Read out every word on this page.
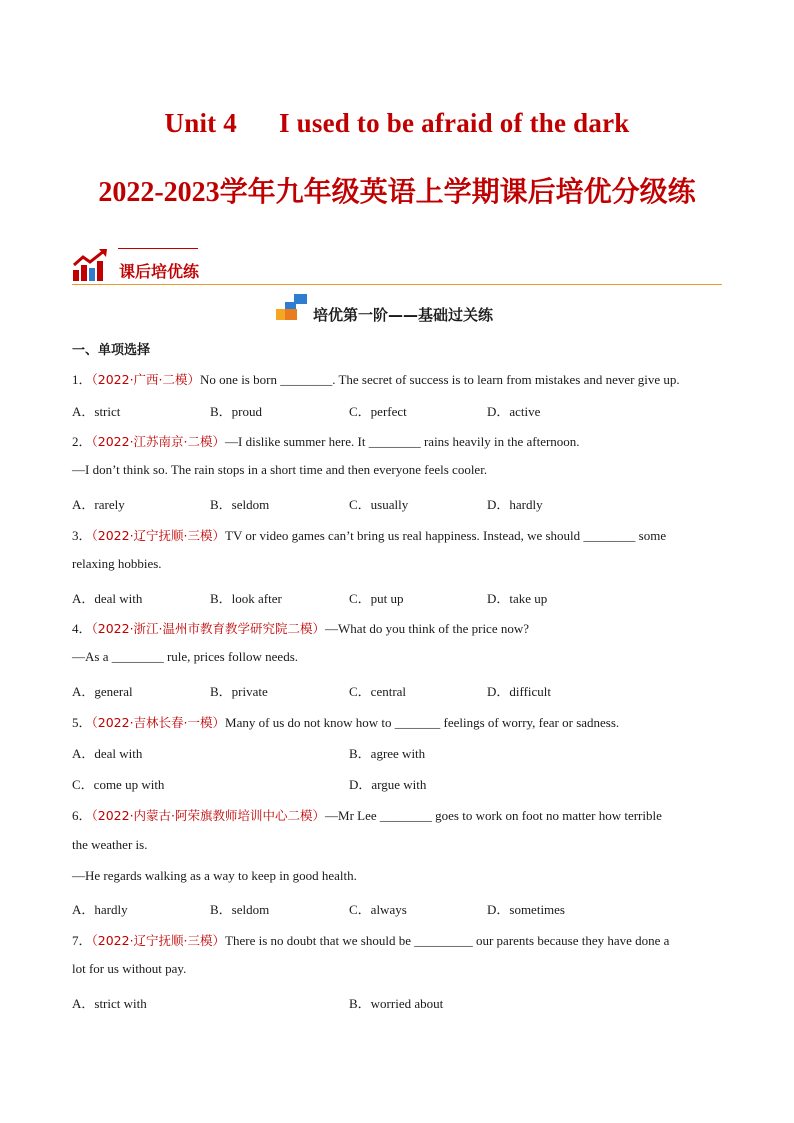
Unit 4 I used to be afraid of the dark
2022-2023学年九年级英语上学期课后培优分级练
课后培优练
培优第一阶——基础过关练
一、单项选择
1．（2022·广西·二模）No one is born ________. The secret of success is to learn from mistakes and never give up.
A．strict	B．proud	C．perfect	D．active
2．（2022·江苏南京·二模）—I dislike summer here. It ________ rains heavily in the afternoon.
—I don’t think so. The rain stops in a short time and then everyone feels cooler.
A．rarely	B．seldom	C．usually	D．hardly
3．（2022·辽宁抚顺·三模）TV or video games can’t bring us real happiness. Instead, we should ________ some
relaxing hobbies.
A．deal with	B．look after	C．put up	D．take up
4．（2022·浙江·温州市教育教学研究院二模）—What do you think of the price now?
—As a ________ rule, prices follow needs.
A．general	B．private	C．central	D．difficult
5．（2022·吉林长春·一模）Many of us do not know how to _______ feelings of worry, fear or sadness.
A．deal with	B．agree with
C．come up with	D．argue with
6．（2022·内蒙古·阿荣旗教师培训中心二模）—Mr Lee ________ goes to work on foot no matter how terrible
the weather is.
—He regards walking as a way to keep in good health.
A．hardly	B．seldom	C．always	D．sometimes
7．（2022·辽宁抚顺·三模）There is no doubt that we should be _________ our parents because they have done a
lot for us without pay.
A．strict with	B．worried about
